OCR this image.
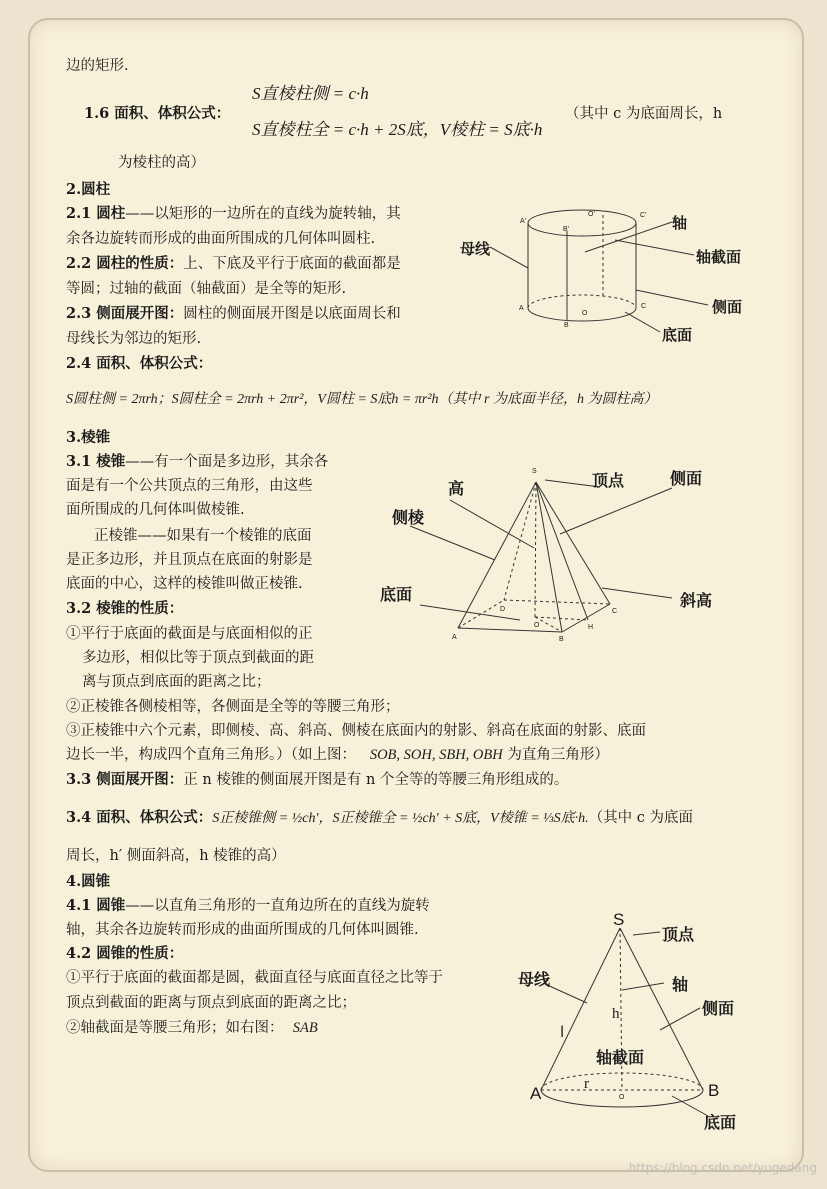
边的矩形.
1.6 面积、体积公式：
S直棱柱侧 = c·h
S直棱柱全 = c·h + 2S底，V棱柱 = S底·h
（其中 c 为底面周长，h
为棱柱的高）
2.圆柱
2.1 圆柱——以矩形的一边所在的直线为旋转轴，其
余各边旋转而形成的曲面所围成的几何体叫圆柱.
2.2 圆柱的性质：上、下底及平行于底面的截面都是
等圆；过轴的截面（轴截面）是全等的矩形.
2.3 侧面展开图：圆柱的侧面展开图是以底面周长和
母线长为邻边的矩形.
2.4 面积、体积公式：
S圆柱侧 = 2πrh；S圆柱全 = 2πrh + 2πr²，V圆柱 = S底h = πr²h（其中 r 为底面半径，h 为圆柱高）
轴
母线	轴截面
侧面
底面
A'
B'
C'
O'
A
B
C
O
3.棱锥
3.1 棱锥——有一个面是多边形，其余各
面是有一个公共顶点的三角形，由这些
面所围成的几何体叫做棱锥.
正棱锥——如果有一个棱锥的底面
是正多边形，并且顶点在底面的射影是
底面的中心，这样的棱锥叫做正棱锥.
3.2 棱锥的性质：
①平行于底面的截面是与底面相似的正
多边形，相似比等于顶点到截面的距
离与顶点到底面的距离之比；
②正棱锥各侧棱相等，各侧面是全等的等腰三角形；
③正棱锥中六个元素，即侧棱、高、斜高、侧棱在底面内的射影、斜高在底面的射影、底面
边长一半，构成四个直角三角形。）（如上图： SOB, SOH, SBH, OBH 为直角三角形）
3.3 侧面展开图：正 n 棱锥的侧面展开图是有 n 个全等的等腰三角形组成的。
3.4 面积、体积公式：S正棱锥侧 = ½ch′，S正棱锥全 = ½ch′ + S底，V棱锥 = ⅓S底·h.（其中 c 为底面
周长，h′ 侧面斜高，h 棱锥的高）
高	顶点	侧面
侧棱
底面	斜高
S
A	B
C
D
O	H
4.圆锥
4.1 圆锥——以直角三角形的一直角边所在的直线为旋转
轴，其余各边旋转而形成的曲面所围成的几何体叫圆锥.
4.2 圆锥的性质：
①平行于底面的截面都是圆，截面直径与底面直径之比等于
顶点到截面的距离与顶点到底面的距离之比；
②轴截面是等腰三角形；如右图： SAB
S
顶点
母线	轴
侧面
l
h
轴截面
r
A	B
O
底面
https://blog.csdn.net/yugedang
